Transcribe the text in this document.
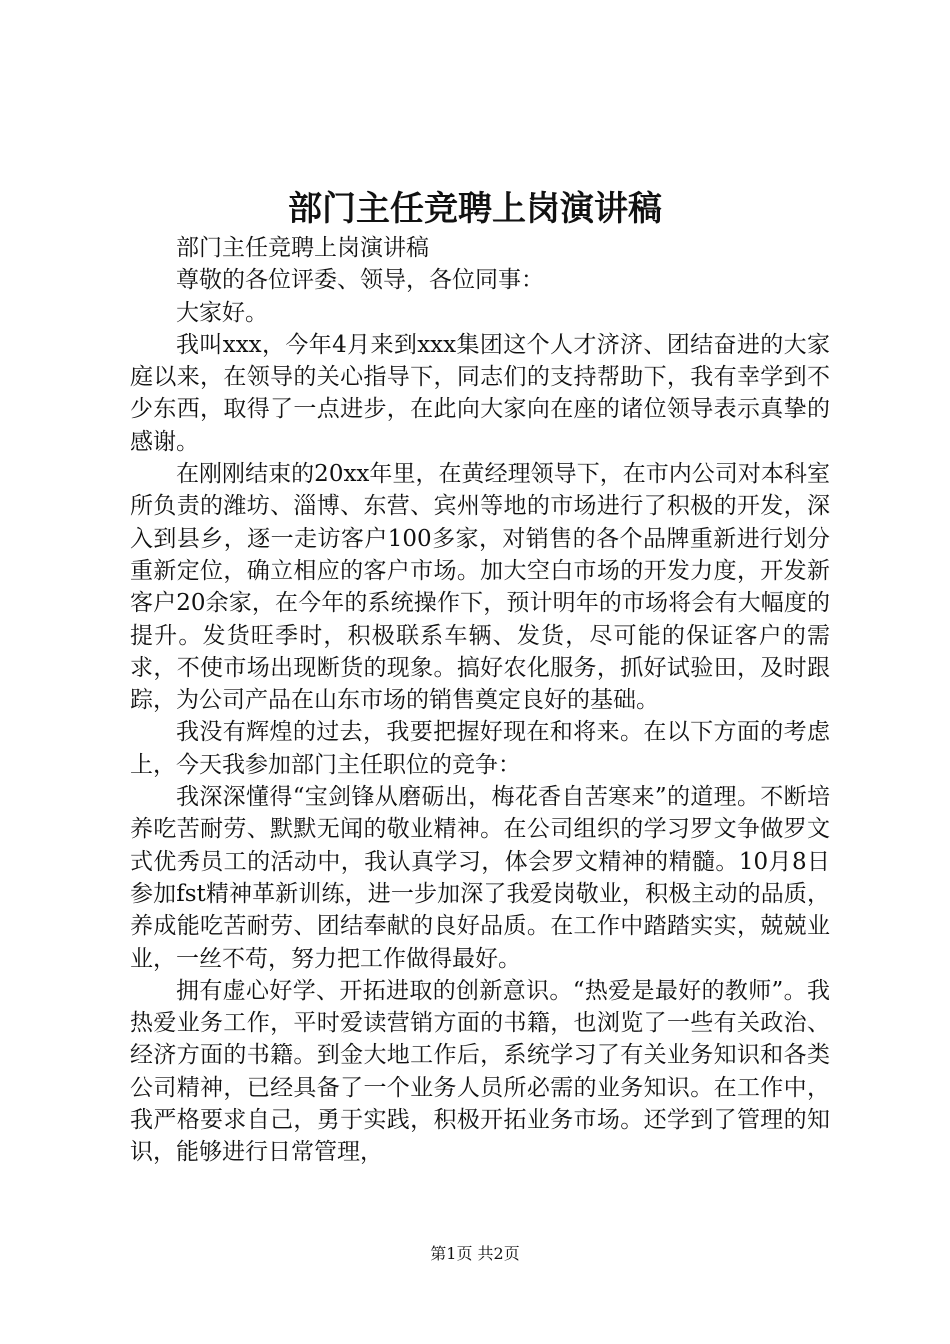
部门主任竞聘上岗演讲稿

部门主任竞聘上岗演讲稿

尊敬的各位评委、领导，各位同事：

大家好。

我叫xxx，今年4月来到xxx集团这个人才济济、团结奋进的大家庭以来，在领导的关心指导下，同志们的支持帮助下，我有幸学到不少东西，取得了一点进步，在此向大家向在座的诸位领导表示真挚的感谢。

在刚刚结束的20xx年里，在黄经理领导下，在市内公司对本科室所负责的潍坊、淄博、东营、宾州等地的市场进行了积极的开发，深入到县乡，逐一走访客户100多家，对销售的各个品牌重新进行划分重新定位，确立相应的客户市场。加大空白市场的开发力度，开发新客户20余家，在今年的系统操作下，预计明年的市场将会有大幅度的提升。发货旺季时，积极联系车辆、发货，尽可能的保证客户的需求，不使市场出现断货的现象。搞好农化服务，抓好试验田，及时跟踪，为公司产品在山东市场的销售奠定良好的基础。

我没有辉煌的过去，我要把握好现在和将来。在以下方面的考虑上，今天我参加部门主任职位的竞争：

我深深懂得“宝剑锋从磨砺出，梅花香自苦寒来”的道理。不断培养吃苦耐劳、默默无闻的敬业精神。在公司组织的学习罗文争做罗文式优秀员工的活动中，我认真学习，体会罗文精神的精髓。10月8日参加fst精神革新训练，进一步加深了我爱岗敬业，积极主动的品质，养成能吃苦耐劳、团结奉献的良好品质。在工作中踏踏实实，兢兢业业，一丝不苟，努力把工作做得最好。

拥有虚心好学、开拓进取的创新意识。“热爱是最好的教师”。我热爱业务工作，平时爱读营销方面的书籍，也浏览了一些有关政治、经济方面的书籍。到金大地工作后，系统学习了有关业务知识和各类公司精神，已经具备了一个业务人员所必需的业务知识。在工作中，我严格要求自己，勇于实践，积极开拓业务市场。还学到了管理的知识，能够进行日常管理，

第1页 共2页
